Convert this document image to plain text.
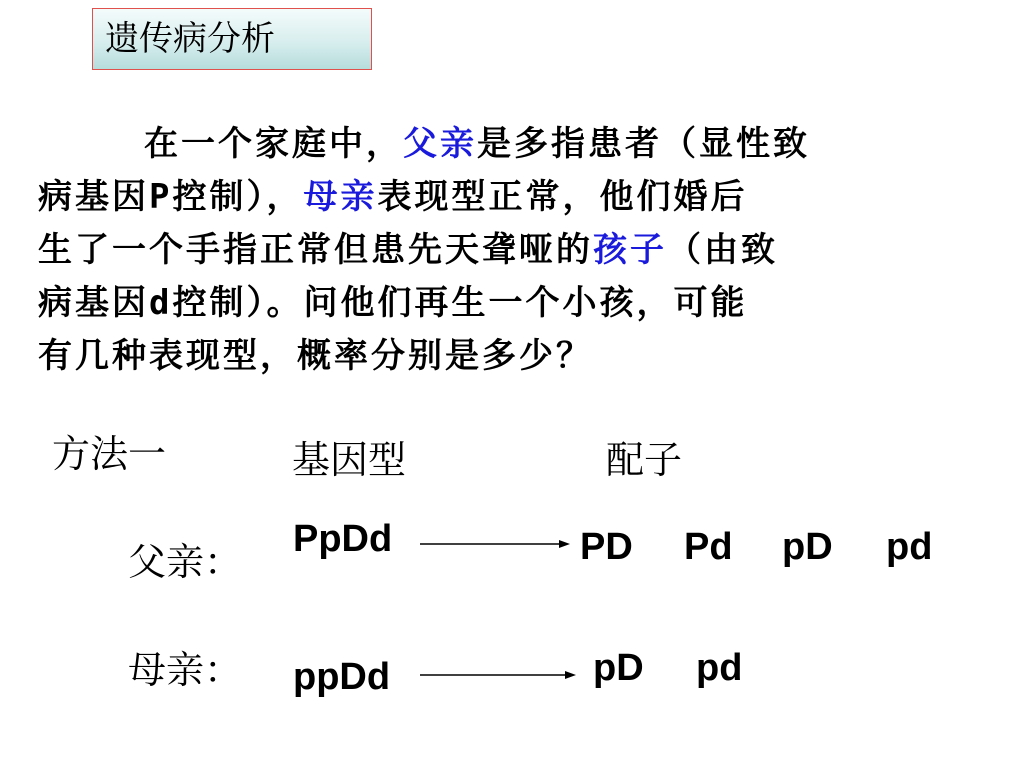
遗传病分析
在一个家庭中，父亲是多指患者（显性致
病基因P控制），母亲表现型正常，他们婚后
生了一个手指正常但患先天聋哑的孩子（由致
病基因d控制）。问他们再生一个小孩，可能
有几种表现型，概率分别是多少？
方法一	基因型	配子
父亲：
PpDd	PD Pd pD pd
母亲： ppDd	pD pd
